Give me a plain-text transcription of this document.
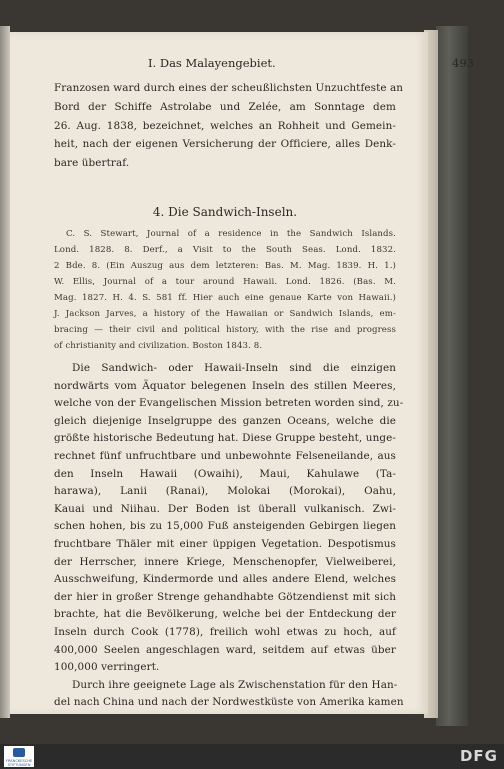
I. Das Malayengebiet.	493
Franzosen ward durch eines der scheußlichsten Unzuchtfeste an
Bord der Schiffe Astrolabe und Zelée, am Sonntage dem
26. Aug. 1838, bezeichnet, welches an Rohheit und Gemein-
heit, nach der eigenen Versicherung der Officiere, alles Denk-
bare übertraf.
4. Die Sandwich-Inseln.
C. S. Stewart, Journal of a residence in the Sandwich Islands.
Lond. 1828. 8. Derf., a Visit to the South Seas. Lond. 1832.
2 Bde. 8. (Ein Auszug aus dem letzteren: Bas. M. Mag. 1839. H. 1.)
W. Ellis, Journal of a tour around Hawaii. Lond. 1826. (Bas. M.
Mag. 1827. H. 4. S. 581 ff. Hier auch eine genaue Karte von Hawaii.)
J. Jackson Jarves, a history of the Hawaiian or Sandwich Islands, em-
bracing — their civil and political history, with the rise and progress
of christianity and civilization. Boston 1843. 8.
Die Sandwich- oder Hawaii-Inseln sind die einzigen
nordwärts vom Äquator belegenen Inseln des stillen Meeres,
welche von der Evangelischen Mission betreten worden sind, zu-
gleich diejenige Inselgruppe des ganzen Oceans, welche die
größte historische Bedeutung hat. Diese Gruppe besteht, unge-
rechnet fünf unfruchtbare und unbewohnte Felseneilande, aus
den Inseln Hawaii (Owaihi), Maui, Kahulawe (Ta-
harawa), Lanii (Ranai), Molokai (Morokai), Oahu,
Kauai und Niihau. Der Boden ist überall vulkanisch. Zwi-
schen hohen, bis zu 15,000 Fuß ansteigenden Gebirgen liegen
fruchtbare Thäler mit einer üppigen Vegetation. Despotismus
der Herrscher, innere Kriege, Menschenopfer, Vielweiberei,
Ausschweifung, Kindermorde und alles andere Elend, welches
der hier in großer Strenge gehandhabte Götzendienst mit sich
brachte, hat die Bevölkerung, welche bei der Entdeckung der
Inseln durch Cook (1778), freilich wohl etwas zu hoch, auf
400,000 Seelen angeschlagen ward, seitdem auf etwas über
100,000 verringert.
Durch ihre geeignete Lage als Zwischenstation für den Han-
FRANCKESCHE STIFTUNGEN	DFG
del nach China und nach der Nordwestküste von Amerika kamen
